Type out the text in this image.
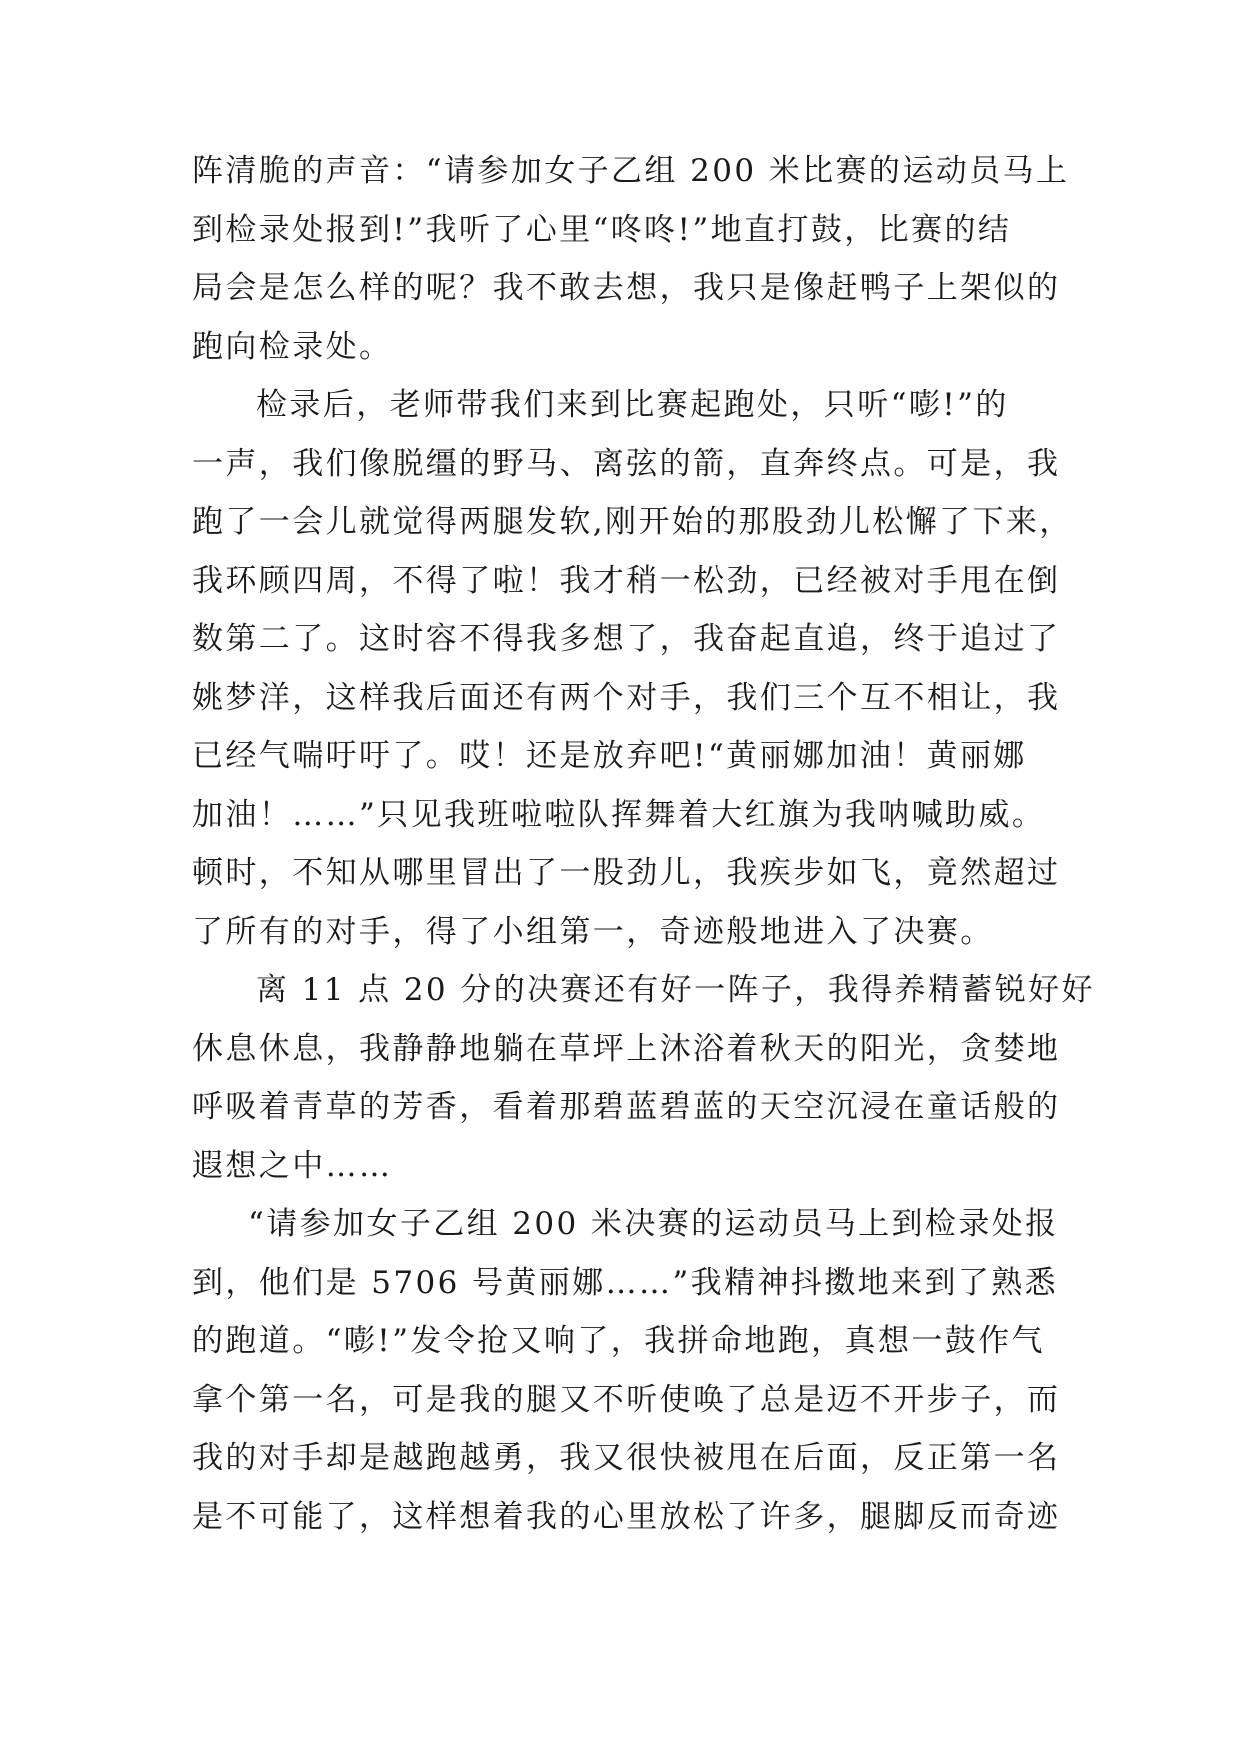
阵清脆的声音：“请参加女子乙组 200 米比赛的运动员马上
到检录处报到!”我听了心里“咚咚!”地直打鼓，比赛的结
局会是怎么样的呢？我不敢去想，我只是像赶鸭子上架似的
跑向检录处。
检录后，老师带我们来到比赛起跑处，只听“嘭!”的
一声，我们像脱缰的野马、离弦的箭，直奔终点。可是，我
跑了一会儿就觉得两腿发软,刚开始的那股劲儿松懈了下来，
我环顾四周，不得了啦！我才稍一松劲，已经被对手甩在倒
数第二了。这时容不得我多想了，我奋起直追，终于追过了
姚梦洋，这样我后面还有两个对手，我们三个互不相让，我
已经气喘吁吁了。哎！还是放弃吧!“黄丽娜加油！黄丽娜
加油！……”只见我班啦啦队挥舞着大红旗为我呐喊助威。
顿时，不知从哪里冒出了一股劲儿，我疾步如飞，竟然超过
了所有的对手，得了小组第一，奇迹般地进入了决赛。
离 11 点 20 分的决赛还有好一阵子，我得养精蓄锐好好
休息休息，我静静地躺在草坪上沐浴着秋天的阳光，贪婪地
呼吸着青草的芳香，看着那碧蓝碧蓝的天空沉浸在童话般的
遐想之中……
“请参加女子乙组 200 米决赛的运动员马上到检录处报
到，他们是 5706 号黄丽娜……”我精神抖擞地来到了熟悉
的跑道。“嘭!”发令抢又响了，我拼命地跑，真想一鼓作气
拿个第一名，可是我的腿又不听使唤了总是迈不开步子，而
我的对手却是越跑越勇，我又很快被甩在后面，反正第一名
是不可能了，这样想着我的心里放松了许多，腿脚反而奇迹
